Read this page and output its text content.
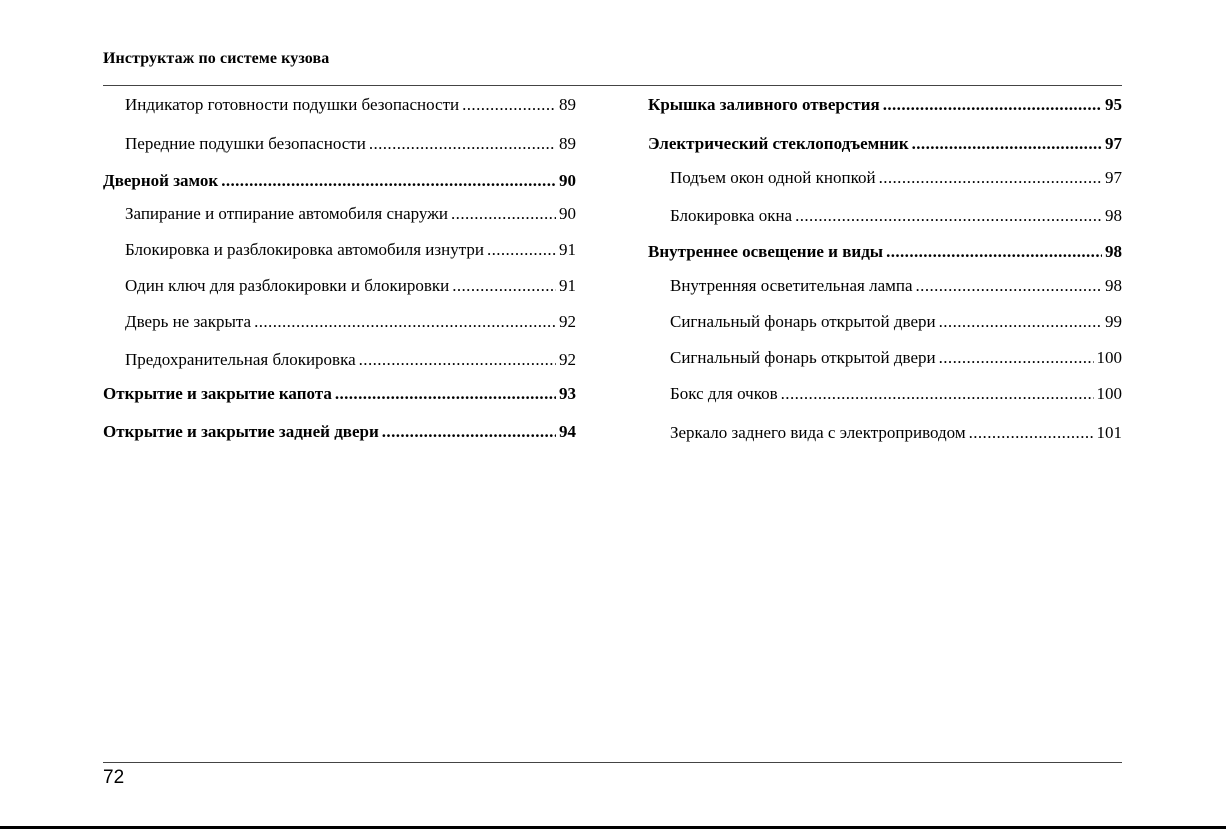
Инструктаж по системе кузова
Индикатор готовности подушки безопасности .....	89
Передние подушки безопасности .....	89
Дверной замок .....	90
Запирание и отпирание автомобиля снаружи .....	90
Блокировка и разблокировка автомобиля изнутри .....	91
Один ключ для разблокировки и блокировки .....	91
Дверь не закрыта .....	92
Предохранительная блокировка .....	92
Открытие и закрытие капота .....	93
Открытие и закрытие задней двери .....	94
Крышка заливного отверстия .....	95
Электрический стеклоподъемник .....	97
Подъем окон одной кнопкой .....	97
Блокировка окна .....	98
Внутреннее освещение и виды .....	98
Внутренняя осветительная лампа .....	98
Сигнальный фонарь открытой двери .....	99
Сигнальный фонарь открытой двери .....	100
Бокс для очков .....	100
Зеркало заднего вида с электроприводом .....	101
72
